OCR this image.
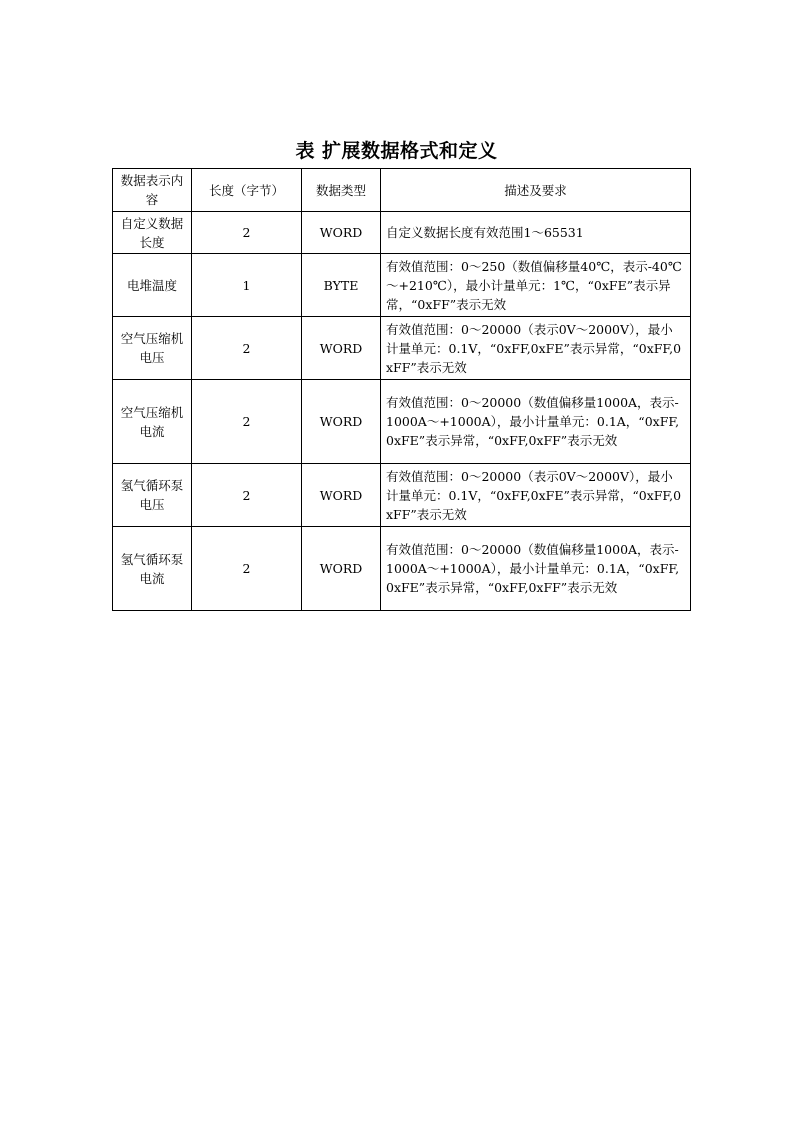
表 扩展数据格式和定义
数据表示内容	长度（字节）	数据类型	描述及要求
自定义数据长度	2	WORD	自定义数据长度有效范围1～65531
电堆温度	1	BYTE	有效值范围：0～250（数值偏移量40℃，表示-40℃～+210℃），最小计量单元：1℃，“0xFE”表示异常，“0xFF”表示无效
空气压缩机电压	2	WORD	有效值范围：0～20000（表示0V～2000V），最小计量单元：0.1V，“0xFF,0xFE”表示异常，“0xFF,0xFF”表示无效
空气压缩机电流	2	WORD	有效值范围：0～20000（数值偏移量1000A，表示-1000A～+1000A），最小计量单元：0.1A，“0xFF,0xFE”表示异常，“0xFF,0xFF”表示无效
氢气循环泵电压	2	WORD	有效值范围：0～20000（表示0V～2000V），最小计量单元：0.1V，“0xFF,0xFE”表示异常，“0xFF,0xFF”表示无效
氢气循环泵电流	2	WORD	有效值范围：0～20000（数值偏移量1000A，表示-1000A～+1000A），最小计量单元：0.1A，“0xFF,0xFE”表示异常，“0xFF,0xFF”表示无效
